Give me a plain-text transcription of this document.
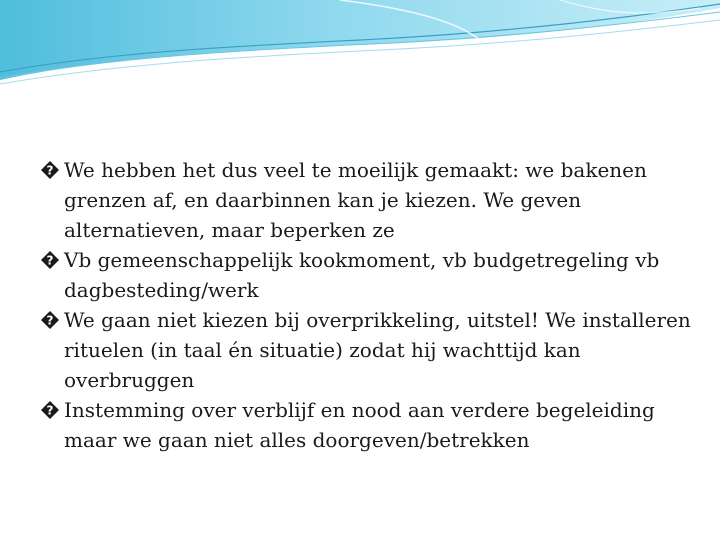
? We hebben het dus veel te moeilijk gemaakt: we bakenen grenzen af, en daarbinnen kan je kiezen. We geven alternatieven, maar beperken ze
? Vb gemeenschappelijk kookmoment, vb budgetregeling vb dagbesteding/werk
? We gaan niet kiezen bij overprikkeling, uitstel! We installeren rituelen (in taal én situatie) zodat hij wachttijd kan overbruggen
? Instemming over verblijf en nood aan verdere begeleiding maar we gaan niet alles doorgeven/betrekken
